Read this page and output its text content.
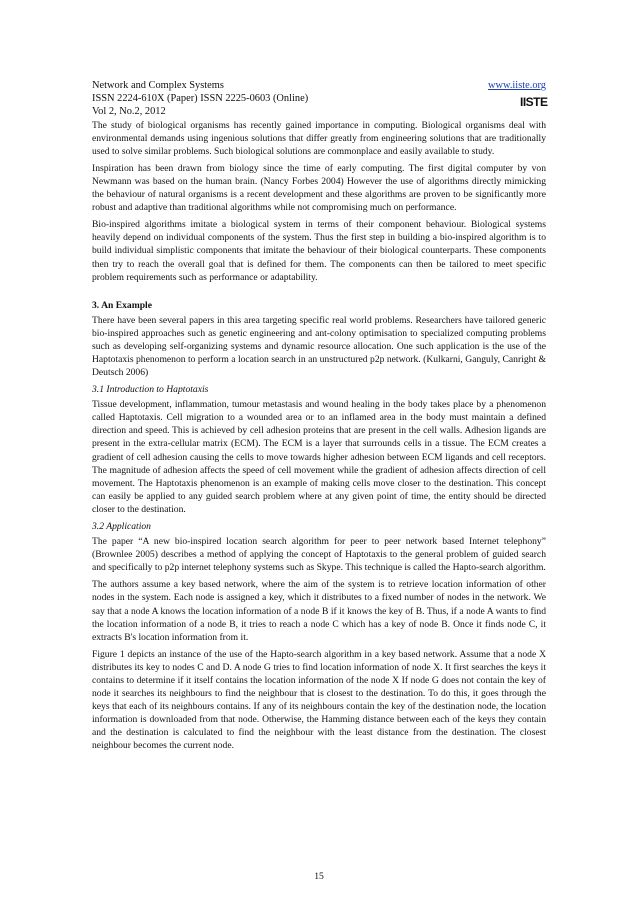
Network and Complex Systems
ISSN 2224-610X (Paper) ISSN 2225-0603 (Online)
Vol 2, No.2, 2012
www.iiste.org
IISTE

The study of biological organisms has recently gained importance in computing. Biological organisms deal with environmental demands using ingenious solutions that differ greatly from engineering solutions that are traditionally used to solve similar problems. Such biological solutions are commonplace and easily available to study.

Inspiration has been drawn from biology since the time of early computing. The first digital computer by von Newmann was based on the human brain. (Nancy Forbes 2004) However the use of algorithms directly mimicking the behaviour of natural organisms is a recent development and these algorithms are proven to be significantly more robust and adaptive than traditional algorithms while not compromising much on performance.

Bio-inspired algorithms imitate a biological system in terms of their component behaviour. Biological systems heavily depend on individual components of the system. Thus the first step in building a bio-inspired algorithm is to build individual simplistic components that imitate the behaviour of their biological counterparts. These components then try to reach the overall goal that is defined for them. The components can then be tailored to meet specific problem requirements such as performance or adaptability.

3. An Example

There have been several papers in this area targeting specific real world problems. Researchers have tailored generic bio-inspired approaches such as genetic engineering and ant-colony optimisation to specialized computing problems such as developing self-organizing systems and dynamic resource allocation. One such application is the use of the Haptotaxis phenomenon to perform a location search in an unstructured p2p network. (Kulkarni, Ganguly, Canright & Deutsch 2006)

3.1 Introduction to Haptotaxis

Tissue development, inflammation, tumour metastasis and wound healing in the body takes place by a phenomenon called Haptotaxis. Cell migration to a wounded area or to an inflamed area in the body must maintain a defined direction and speed. This is achieved by cell adhesion proteins that are present in the cell walls. Adhesion ligands are present in the extra-cellular matrix (ECM). The ECM is a layer that surrounds cells in a tissue. The ECM creates a gradient of cell adhesion causing the cells to move towards higher adhesion between ECM ligands and cell receptors. The magnitude of adhesion affects the speed of cell movement while the gradient of adhesion affects direction of cell movement. The Haptotaxis phenomenon is an example of making cells move closer to the destination. This concept can easily be applied to any guided search problem where at any given point of time, the entity should be directed closer to the destination.

3.2 Application

The paper “A new bio-inspired location search algorithm for peer to peer network based Internet telephony” (Brownlee 2005) describes a method of applying the concept of Haptotaxis to the general problem of guided search and specifically to p2p internet telephony systems such as Skype. This technique is called the Hapto-search algorithm.

The authors assume a key based network, where the aim of the system is to retrieve location information of other nodes in the system. Each node is assigned a key, which it distributes to a fixed number of nodes in the network. We say that a node A knows the location information of a node B if it knows the key of B. Thus, if a node A wants to find the location information of a node B, it tries to reach a node C which has a key of node B. Once it finds node C, it extracts B's location information from it.

Figure 1 depicts an instance of the use of the Hapto-search algorithm in a key based network. Assume that a node X distributes its key to nodes C and D. A node G tries to find location information of node X. It first searches the keys it contains to determine if it itself contains the location information of the node X If node G does not contain the key of node it searches its neighbours to find the neighbour that is closest to the destination. To do this, it goes through the keys that each of its neighbours contains. If any of its neighbours contain the key of the destination node, the location information is downloaded from that node. Otherwise, the Hamming distance between each of the keys they contain and the destination is calculated to find the neighbour with the least distance from the destination. The closest neighbour becomes the current node.

15
